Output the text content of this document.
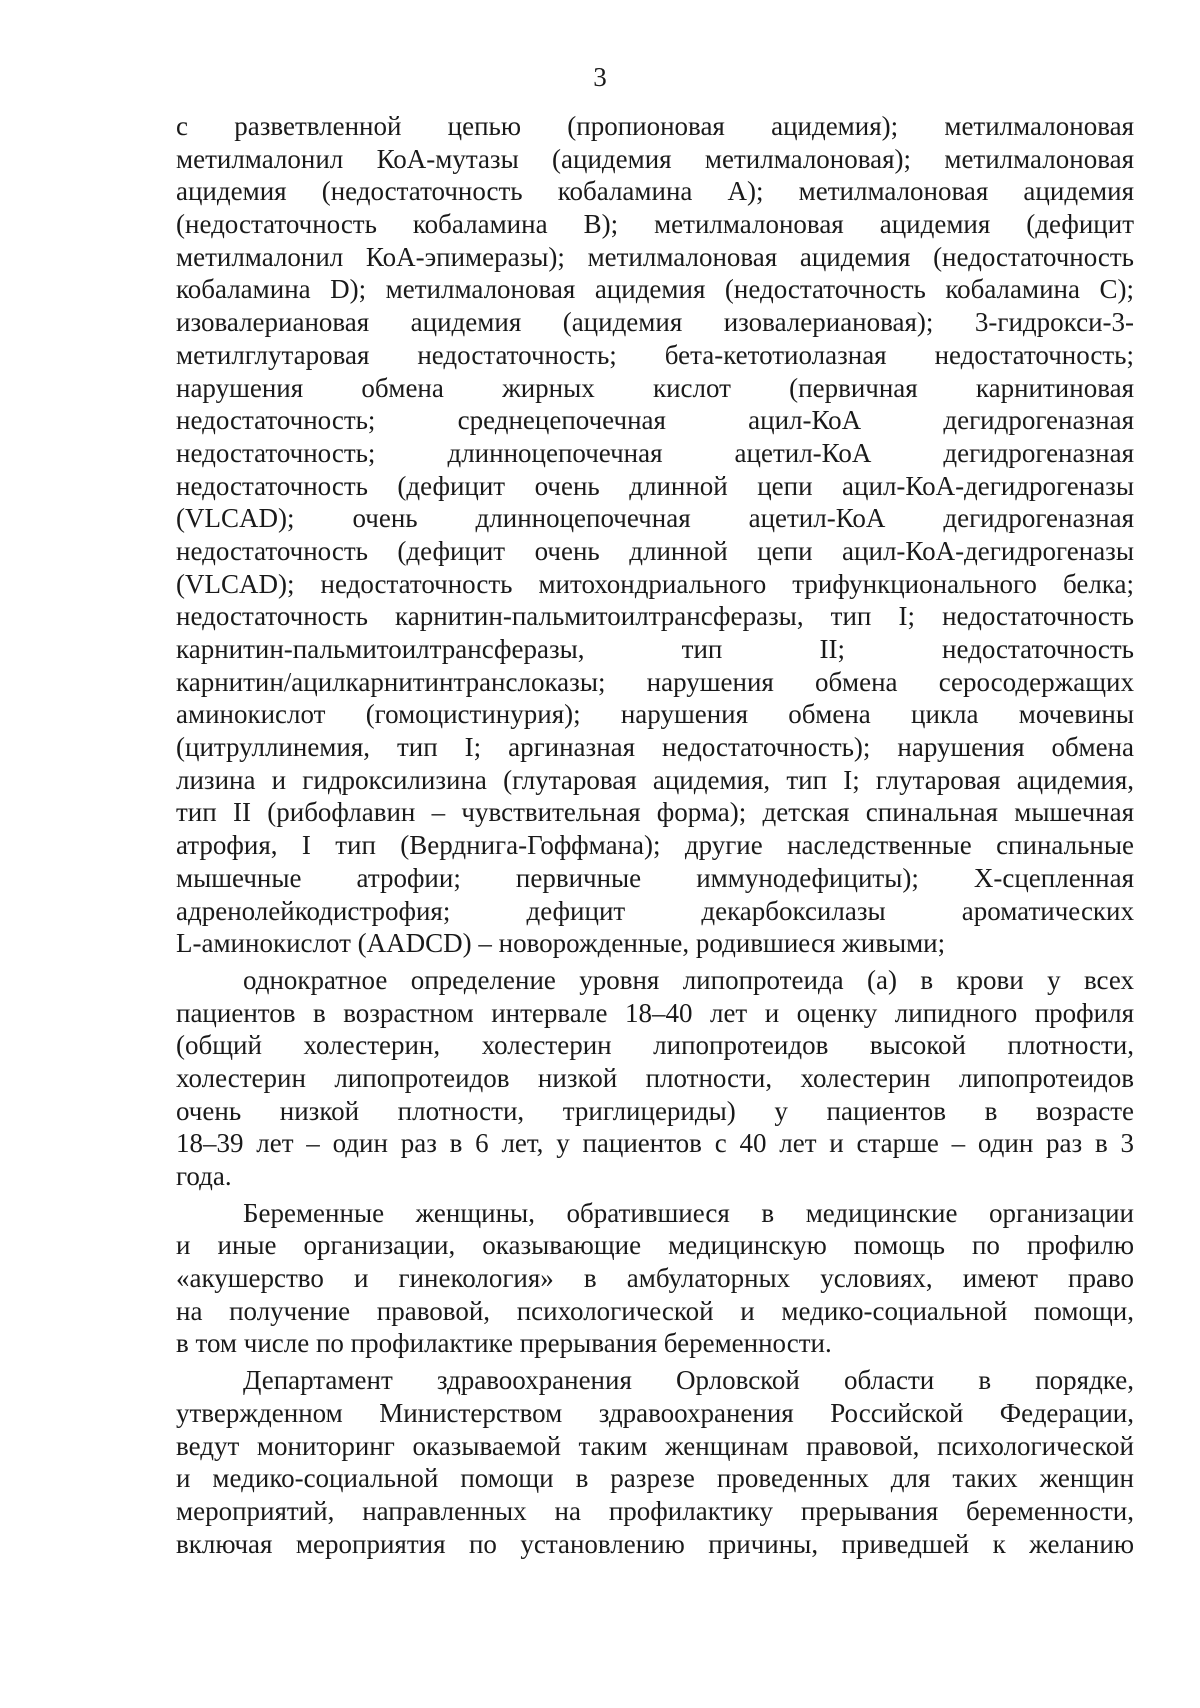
3
с разветвленной цепью (пропионовая ацидемия); метилмалоновая
метилмалонил КоА-мутазы (ацидемия метилмалоновая); метилмалоновая
ацидемия (недостаточность кобаламина А); метилмалоновая ацидемия
(недостаточность кобаламина В); метилмалоновая ацидемия (дефицит
метилмалонил КоА-эпимеразы); метилмалоновая ацидемия (недостаточность
кобаламина D); метилмалоновая ацидемия (недостаточность кобаламина С);
изовалериановая ацидемия (ацидемия изовалериановая); 3-гидрокси-3-
метилглутаровая недостаточность; бета-кетотиолазная недостаточность;
нарушения обмена жирных кислот (первичная карнитиновая
недостаточность; среднецепочечная ацил-КоА дегидрогеназная
недостаточность; длинноцепочечная ацетил-КоА дегидрогеназная
недостаточность (дефицит очень длинной цепи ацил-КоА-дегидрогеназы
(VLCAD); очень длинноцепочечная ацетил-КоА дегидрогеназная
недостаточность (дефицит очень длинной цепи ацил-КоА-дегидрогеназы
(VLCAD); недостаточность митохондриального трифункционального белка;
недостаточность карнитин-пальмитоилтрансферазы, тип I; недостаточность
карнитин-пальмитоилтрансферазы, тип II; недостаточность
карнитин/ацилкарнитинтранслоказы; нарушения обмена серосодержащих
аминокислот (гомоцистинурия); нарушения обмена цикла мочевины
(цитруллинемия, тип I; аргиназная недостаточность); нарушения обмена
лизина и гидроксилизина (глутаровая ацидемия, тип I; глутаровая ацидемия,
тип II (рибофлавин – чувствительная форма); детская спинальная мышечная
атрофия, I тип (Верднига-Гоффмана); другие наследственные спинальные
мышечные атрофии; первичные иммунодефициты); Х-сцепленная
адренолейкодистрофия; дефицит декарбоксилазы ароматических
L-аминокислот (AADCD) – новорожденные, родившиеся живыми;
однократное определение уровня липопротеида (а) в крови у всех
пациентов в возрастном интервале 18–40 лет и оценку липидного профиля
(общий холестерин, холестерин липопротеидов высокой плотности,
холестерин липопротеидов низкой плотности, холестерин липопротеидов
очень низкой плотности, триглицериды) у пациентов в возрасте
18–39 лет – один раз в 6 лет, у пациентов с 40 лет и старше – один раз в 3
года.
Беременные женщины, обратившиеся в медицинские организации
и иные организации, оказывающие медицинскую помощь по профилю
«акушерство и гинекология» в амбулаторных условиях, имеют право
на получение правовой, психологической и медико-социальной помощи,
в том числе по профилактике прерывания беременности.
Департамент здравоохранения Орловской области в порядке,
утвержденном Министерством здравоохранения Российской Федерации,
ведут мониторинг оказываемой таким женщинам правовой, психологической
и медико-социальной помощи в разрезе проведенных для таких женщин
мероприятий, направленных на профилактику прерывания беременности,
включая мероприятия по установлению причины, приведшей к желанию
